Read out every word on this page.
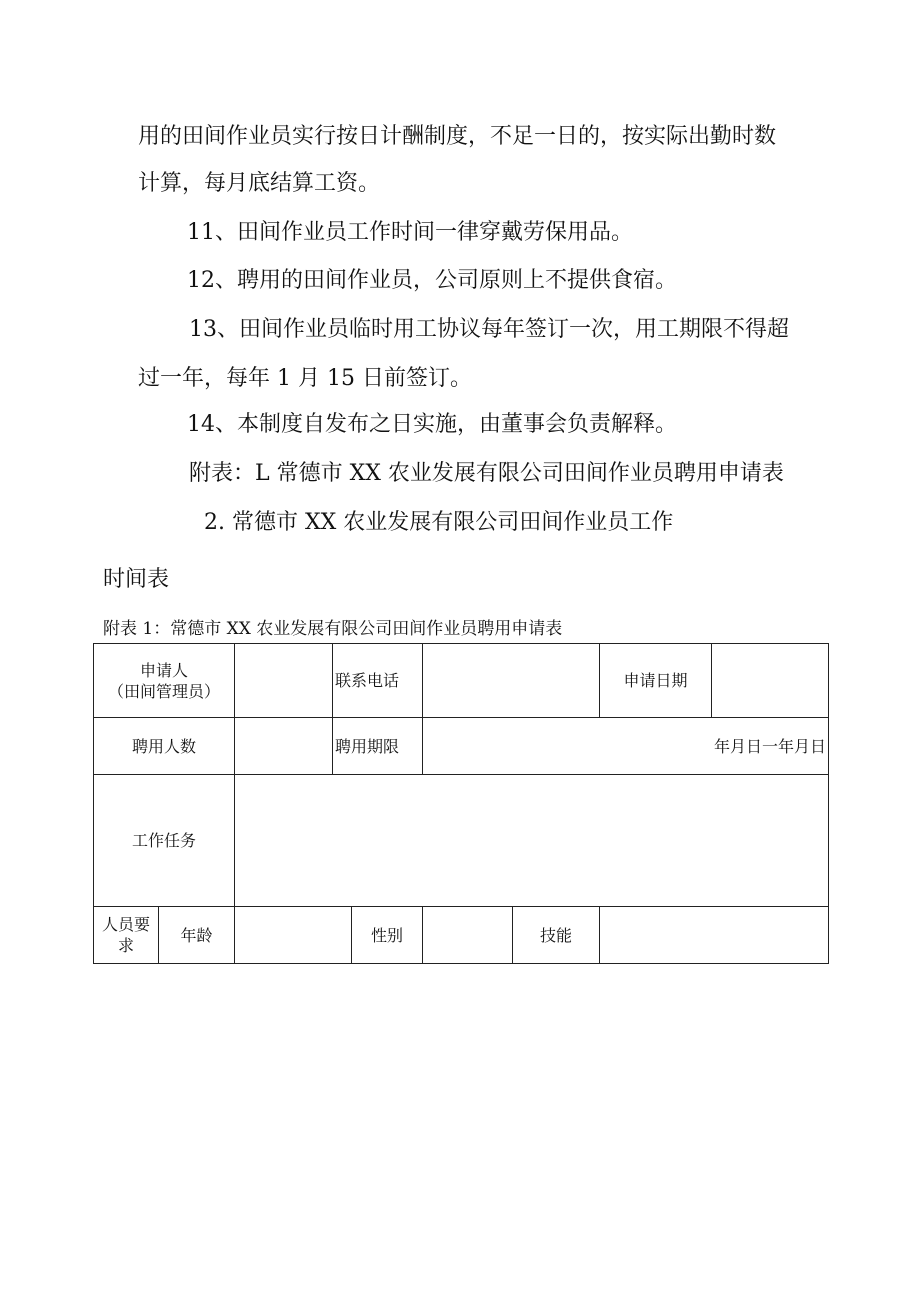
用的田间作业员实行按日计酬制度，不足一日的，按实际出勤时数

计算，每月底结算工资。

11、田间作业员工作时间一律穿戴劳保用品。

12、聘用的田间作业员，公司原则上不提供食宿。

13、田间作业员临时用工协议每年签订一次，用工期限不得超

过一年，每年 1 月 15 日前签订。

14、本制度自发布之日实施，由董事会负责解释。

附表：L 常德市 XX 农业发展有限公司田间作业员聘用申请表

2. 常德市 XX 农业发展有限公司田间作业员工作

时间表

附表 1：常德市 XX 农业发展有限公司田间作业员聘用申请表

申请人
（田间管理员）			联系电话				申请日期	
聘用人数			聘用期限		年月日一年月日			
工作任务								

人员要
求	年龄			性别		技能		
